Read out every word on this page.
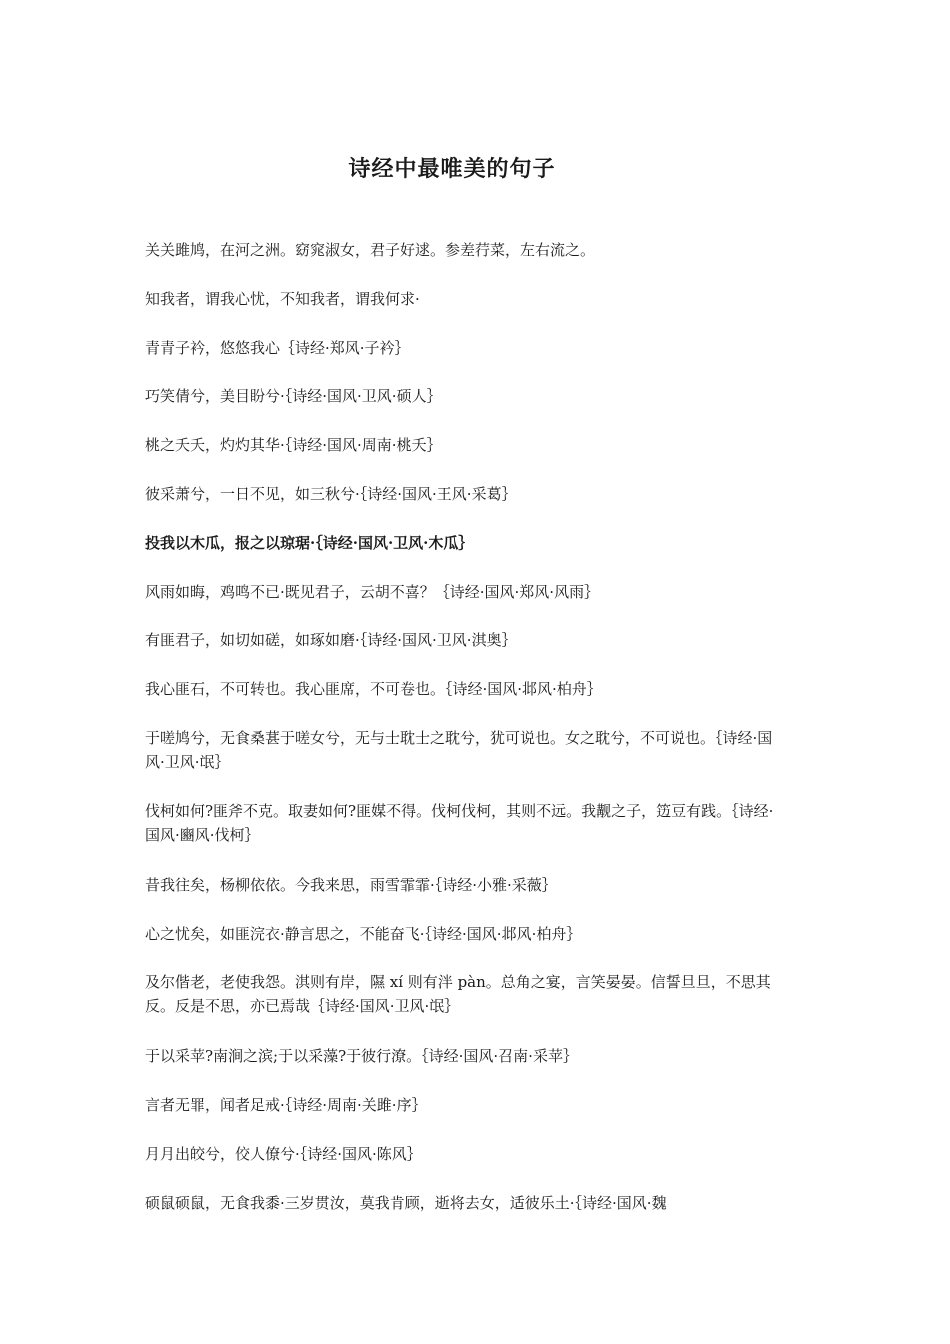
诗经中最唯美的句子
关关雎鸠，在河之洲。窈窕淑女，君子好逑。参差荇菜，左右流之。
知我者，谓我心忧，不知我者，谓我何求·
青青子衿，悠悠我心｛诗经·郑风·子衿｝
巧笑倩兮，美目盼兮·｛诗经·国风·卫风·硕人｝
桃之夭夭，灼灼其华·｛诗经·国风·周南·桃夭｝
彼采萧兮，一日不见，如三秋兮·｛诗经·国风·王风·采葛｝
投我以木瓜，报之以琼琚·｛诗经·国风·卫风·木瓜｝
风雨如晦，鸡鸣不已·既见君子，云胡不喜？｛诗经·国风·郑风·风雨｝
有匪君子，如切如磋，如琢如磨·｛诗经·国风·卫风·淇奥｝
我心匪石，不可转也。我心匪席，不可卷也。｛诗经·国风·邶风·柏舟｝
于嗟鸠兮，无食桑葚于嗟女兮，无与士耽士之耽兮，犹可说也。女之耽兮，不可说也。｛诗经·国风·卫风·氓｝
伐柯如何?匪斧不克。取妻如何?匪媒不得。伐柯伐柯，其则不远。我觏之子，笾豆有践。｛诗经·国风·豳风·伐柯｝
昔我往矣，杨柳依依。今我来思，雨雪霏霏·｛诗经·小雅·采薇｝
心之忧矣，如匪浣衣·静言思之，不能奋飞·｛诗经·国风·邶风·柏舟｝
及尔偕老，老使我怨。淇则有岸，隰 xí 则有泮 pàn。总角之宴，言笑晏晏。信誓旦旦，不思其反。反是不思，亦已焉哉｛诗经·国风·卫风·氓｝
于以采苹?南涧之滨;于以采藻?于彼行潦。｛诗经·国风·召南·采苹｝
言者无罪，闻者足戒·｛诗经·周南·关雎·序｝
月月出皎兮，佼人僚兮·｛诗经·国风·陈风｝
硕鼠硕鼠，无食我黍·三岁贯汝，莫我肯顾，逝将去女，适彼乐土·｛诗经·国风·魏
